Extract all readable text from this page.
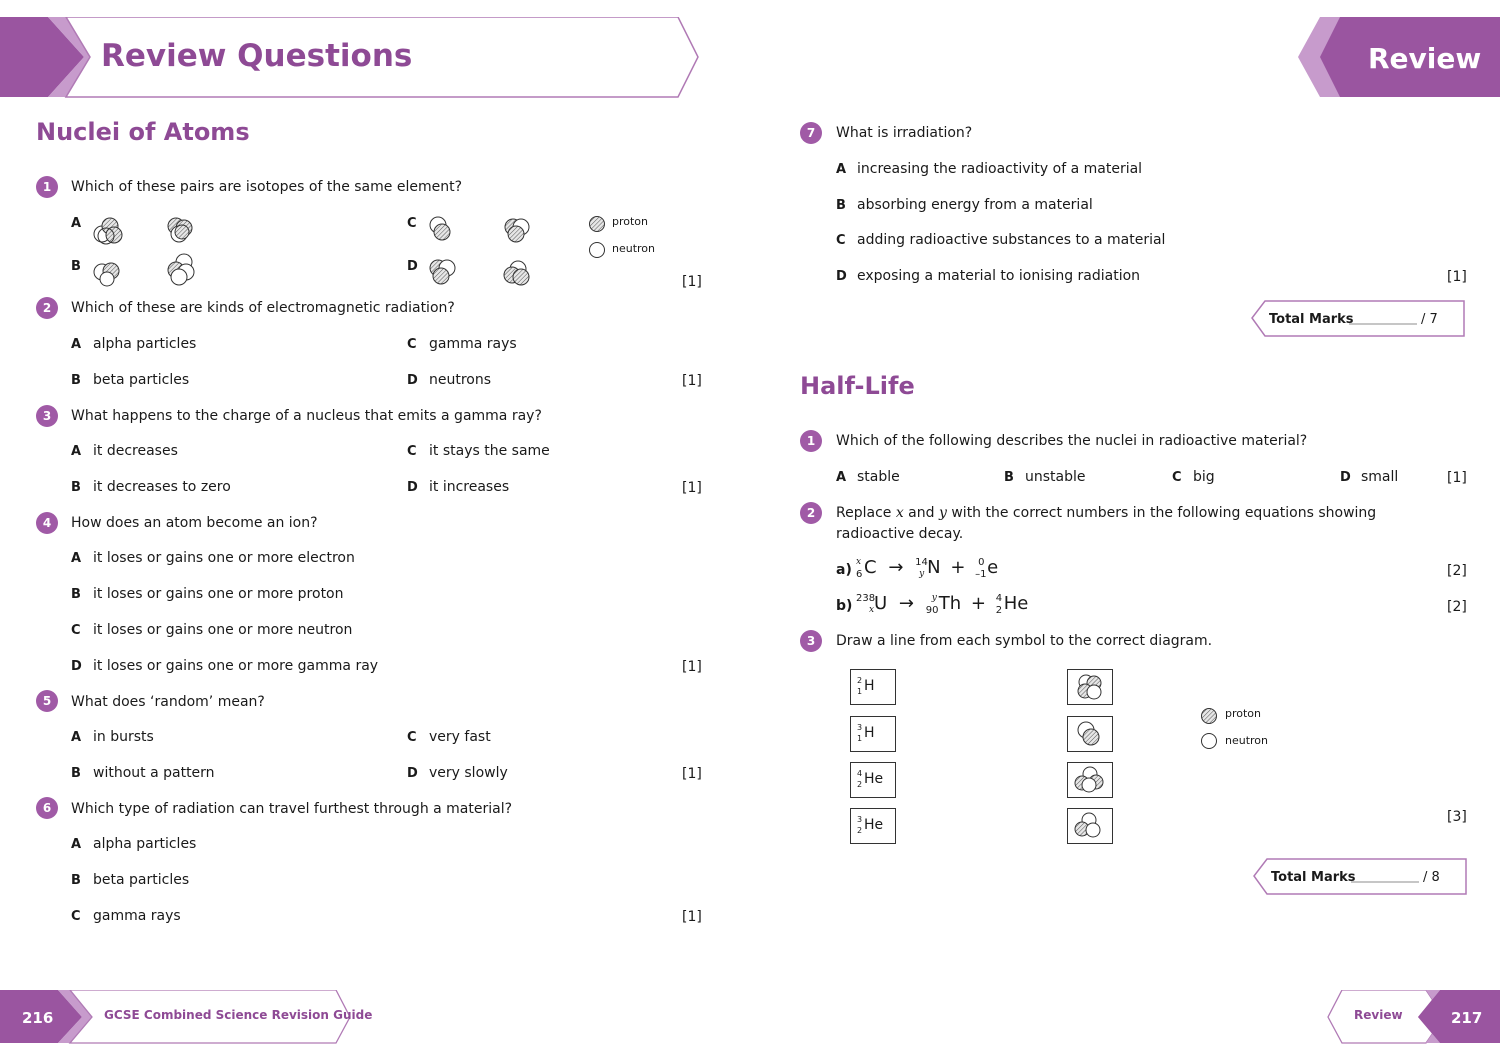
Review Questions	Review
Nuclei of Atoms
1	Which of these pairs are isotopes of the same element?
A
B
C
D
proton
neutron
[1]
2	Which of these are kinds of electromagnetic radiation?
A alpha particles	C gamma rays
B beta particles	D neutrons	[1]
3	What happens to the charge of a nucleus that emits a gamma ray?
A it decreases	C it stays the same
B it decreases to zero	D it increases	[1]
4	How does an atom become an ion?
A it loses or gains one or more electron
B it loses or gains one or more proton
C it loses or gains one or more neutron
D it loses or gains one or more gamma ray	[1]
5	What does ‘random’ mean?
A in bursts	C very fast
B without a pattern	D very slowly	[1]
6	Which type of radiation can travel furthest through a material?
A alpha particles
B beta particles
C gamma rays	[1]
216	GCSE Combined Science Revision Guide
7	What is irradiation?
A increasing the radioactivity of a material
B absorbing energy from a material
C adding radioactive substances to a material
D exposing a material to ionising radiation	[1]
Total Marks	/ 7
Half-Life
1	Which of the following describes the nuclei in radioactive material?
A stable	B unstable	C big	D small	[1]
2	Replace x and y with the correct numbers in the following equations showing
radioactive decay.
a) x
6 C → 14
y N + 0
–1 e	[2]
b) 238
x U → y
90 Th + 4
2 He	[2]
3	Draw a line from each symbol to the correct diagram.
2
1 H
3
1 H
4
2 He
3
2 He
proton
neutron
[3]
Total Marks	/ 8
Review	217
